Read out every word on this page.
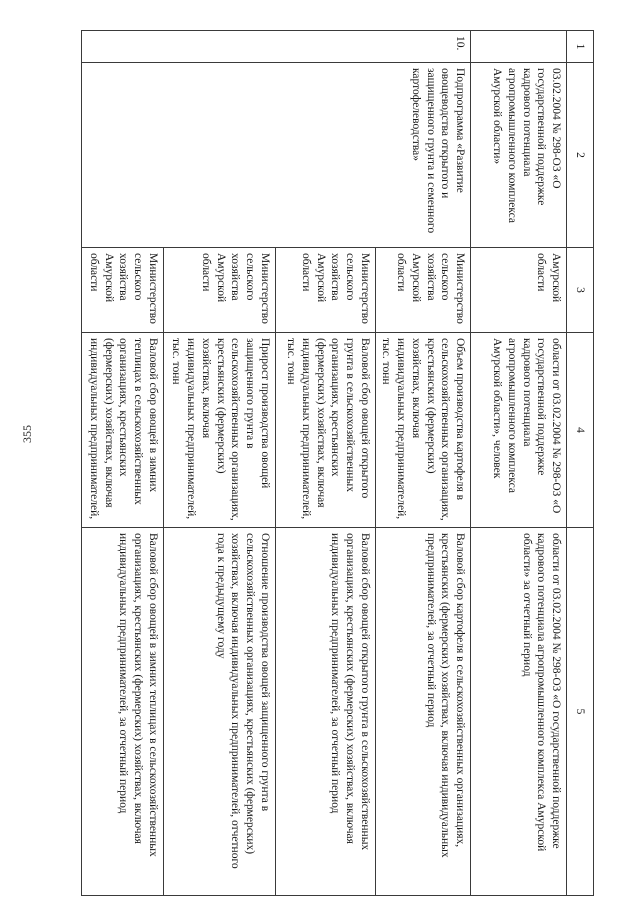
355
1	2	3	4	5
	03.02.2004 № 298-ОЗ «О государственной поддержке кадрового потенциала агропромышленного комплекса Амурской области»	Амурской области	области от 03.02.2004 № 298-ОЗ «О государственной поддержке кадрового потенциала агропромышленного комплекса Амурской области», человек	области от 03.02.2004 № 298-ОЗ «О государственной поддержке кадрового потенциала агропромышленного комплекса Амурской области» за отчетный период
10.	Подпрограмма «Развитие овощеводства открытого и защищенного грунта и семенного картофелеводства»	Министерство сельского хозяйства Амурской области	Объем производства картофеля в сельскохозяйственных организациях, крестьянских (фермерских) хозяйствах, включая индивидуальных предпринимателей, тыс. тонн	Валовой сбор картофеля в сельскохозяйственных организациях, крестьянских (фермерских) хозяйствах, включая индивидуальных предпринимателей, за отчетный период
		Министерство сельского хозяйства Амурской области	Валовой сбор овощей открытого грунта в сельскохозяйственных организациях, крестьянских (фермерских) хозяйствах, включая индивидуальных предпринимателей, тыс. тонн	Валовой сбор овощей открытого грунта в сельскохозяйственных организациях, крестьянских (фермерских) хозяйствах, включая индивидуальных предпринимателей, за отчетный период
		Министерство сельского хозяйства Амурской области	Прирост производства овощей защищенного грунта в сельскохозяйственных организациях, крестьянских (фермерских) хозяйствах, включая индивидуальных предпринимателей, тыс. тонн	Отношение производства овощей защищенного грунта в сельскохозяйственных организациях, крестьянских (фермерских) хозяйствах, включая индивидуальных предпринимателей, отчетного года к предыдущему году
		Министерство сельского хозяйства Амурской области	Валовой сбор овощей в зимних теплицах в сельскохозяйственных организациях, крестьянских (фермерских) хозяйствах, включая индивидуальных предпринимателей,	Валовой сбор овощей в зимних теплицах в сельскохозяйственных организациях, крестьянских (фермерских) хозяйствах, включая индивидуальных предпринимателей, за отчетный период
